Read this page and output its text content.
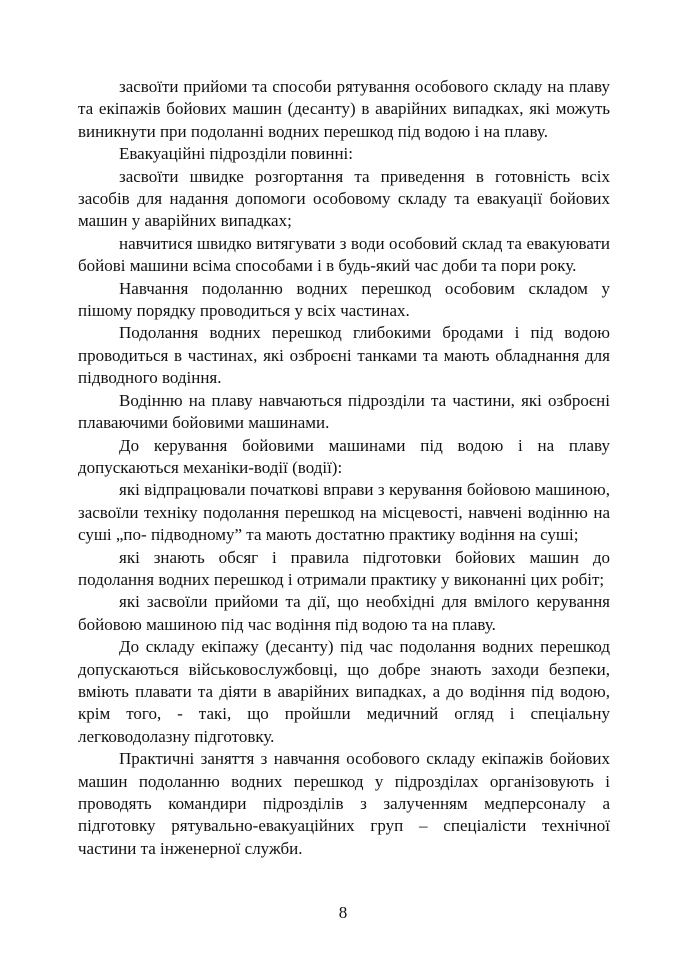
засвоїти прийоми та способи рятування особового складу на плаву та екіпажів бойових машин (десанту) в аварійних випадках, які можуть виникнути при подоланні водних перешкод під водою і на плаву.

Евакуаційні підрозділи повинні:

засвоїти швидке розгортання та приведення в готовність всіх засобів для надання допомоги особовому складу та евакуації бойових машин у аварійних випадках;

навчитися швидко витягувати з води особовий склад та евакуювати бойові машини всіма способами і в будь-який час доби та пори року.

Навчання подоланню водних перешкод особовим складом у пішому порядку проводиться у всіх частинах.

Подолання водних перешкод глибокими бродами і під водою проводиться в частинах, які озброєні танками та мають обладнання для підводного водіння.

Водінню на плаву навчаються підрозділи та частини, які озброєні плаваючими бойовими машинами.

До керування бойовими машинами під водою і на плаву допускаються механіки-водії (водії):

які відпрацювали початкові вправи з керування бойовою машиною, засвоїли техніку подолання перешкод на місцевості, навчені водінню на суші „по- підводному” та мають достатню практику водіння на суші;

які знають обсяг і правила підготовки бойових машин до подолання водних перешкод і отримали практику у виконанні цих робіт;

які засвоїли прийоми та дії, що необхідні для вмілого керування бойовою машиною під час водіння під водою та на плаву.

До складу екіпажу (десанту) під час подолання водних перешкод допускаються військовослужбовці, що добре знають заходи безпеки, вміють плавати та діяти в аварійних випадках, а до водіння під водою, крім того, - такі, що пройшли медичний огляд і спеціальну легководолазну підготовку.

Практичні заняття з навчання особового складу екіпажів бойових машин подоланню водних перешкод у підрозділах організовують і проводять командири підрозділів з залученням медперсоналу а підготовку рятувально-евакуаційних груп – спеціалісти технічної частини та інженерної служби.

8
